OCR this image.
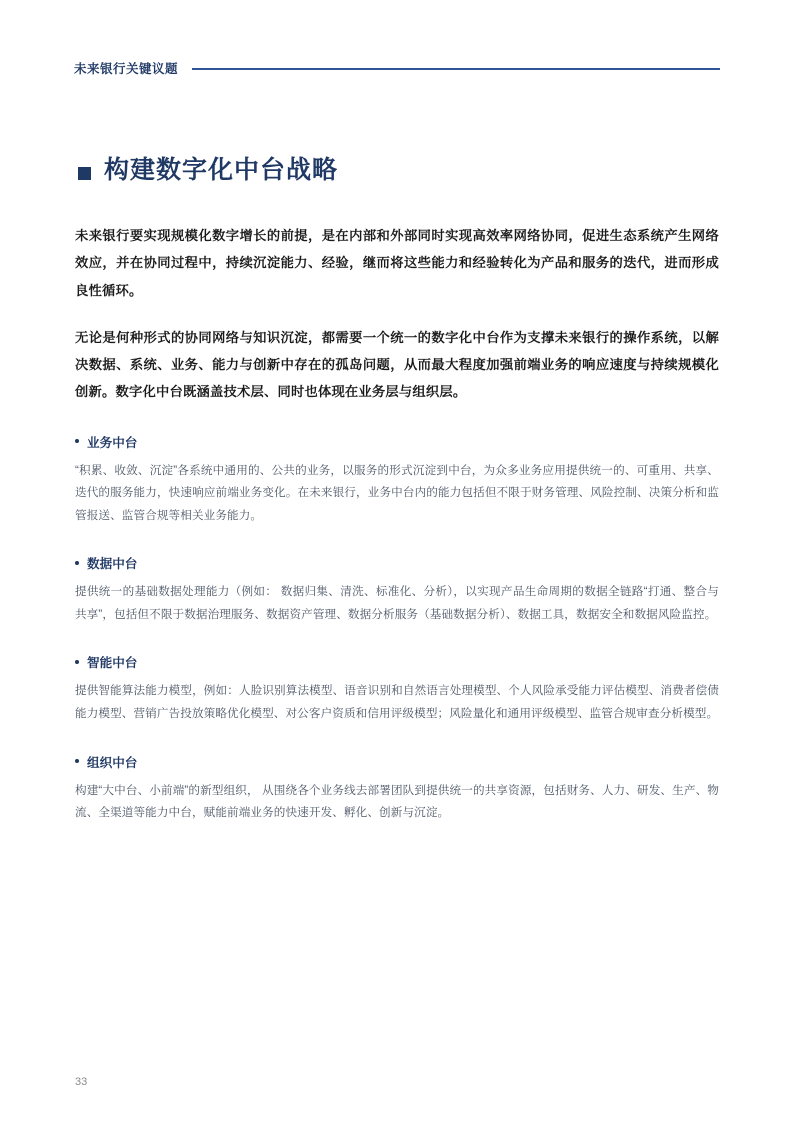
未来银行关键议题
构建数字化中台战略

未来银行要实现规模化数字增长的前提，是在内部和外部同时实现高效率网络协同，促进生态系统产生网络效应，并在协同过程中，持续沉淀能力、经验，继而将这些能力和经验转化为产品和服务的迭代，进而形成良性循环。

无论是何种形式的协同网络与知识沉淀，都需要一个统一的数字化中台作为支撑未来银行的操作系统，以解决数据、系统、业务、能力与创新中存在的孤岛问题，从而最大程度加强前端业务的响应速度与持续规模化创新。数字化中台既涵盖技术层、同时也体现在业务层与组织层。

业务中台

“积累、收敛、沉淀”各系统中通用的、公共的业务，以服务的形式沉淀到中台，为众多业务应用提供统一的、可重用、共享、迭代的服务能力，快速响应前端业务变化。在未来银行，业务中台内的能力包括但不限于财务管理、风险控制、决策分析和监管报送、监管合规等相关业务能力。

数据中台

提供统一的基础数据处理能力（例如： 数据归集、清洗、标准化、分析），以实现产品生命周期的数据全链路“打通、整合与共享”，包括但不限于数据治理服务、数据资产管理、数据分析服务（基础数据分析）、数据工具，数据安全和数据风险监控。

智能中台

提供智能算法能力模型，例如：人脸识别算法模型、语音识别和自然语言处理模型、个人风险承受能力评估模型、消费者偿债能力模型、营销广告投放策略优化模型、对公客户资质和信用评级模型；风险量化和通用评级模型、监管合规审查分析模型。

组织中台

构建“大中台、小前端”的新型组织， 从围绕各个业务线去部署团队到提供统一的共享资源，包括财务、人力、研发、生产、物流、全渠道等能力中台，赋能前端业务的快速开发、孵化、创新与沉淀。

33
